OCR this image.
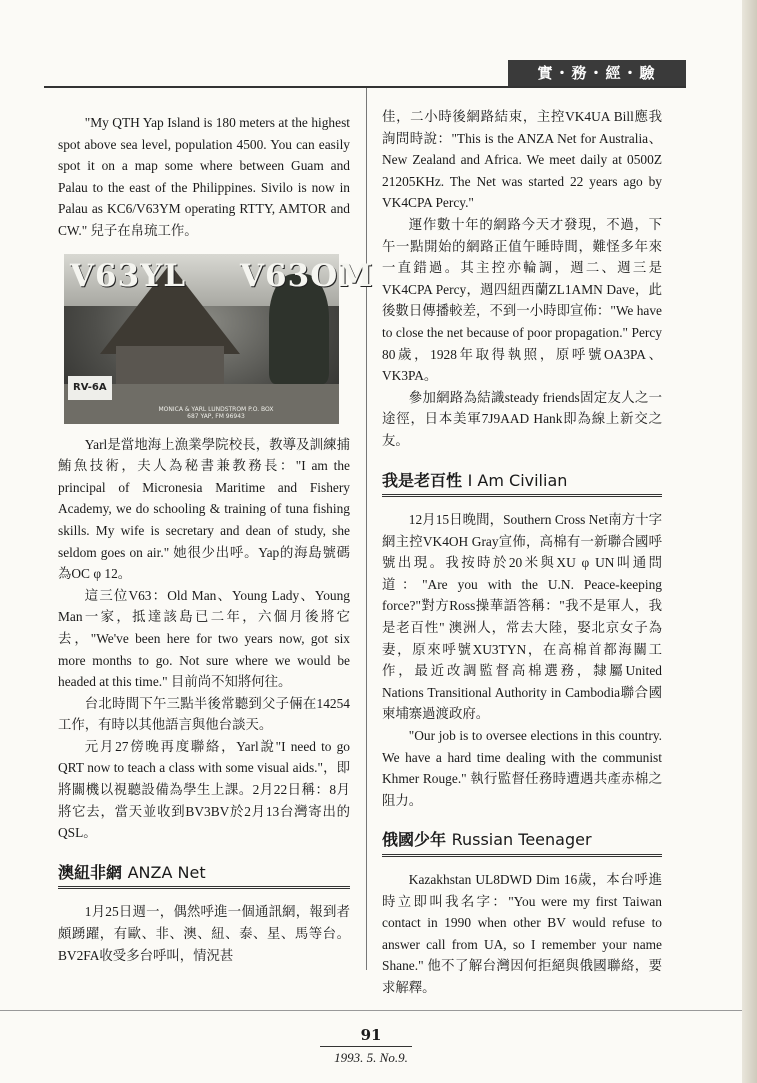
實・務・經・驗

"My QTH Yap Island is 180 meters at the highest spot above sea level, population 4500. You can easily spot it on a map some where between Guam and Palau to the east of the Philippines. Sivilo is now in Palau as KC6/V63YM operating RTTY, AMTOR and CW." 兒子在帛琉工作。

V63YL V63OM
RV-6A
MONICA & YARL LUNDSTROM P.O. BOX 687 YAP, FM 96943

Yarl是當地海上漁業學院校長，教導及訓練捕鮪魚技術，夫人為秘書兼教務長："I am the principal of Micronesia Maritime and Fishery Academy, we do schooling & training of tuna fishing skills. My wife is secretary and dean of study, she seldom goes on air." 她很少出呼。Yap的海島號碼為OC φ 12。

這三位V63：Old Man、Young Lady、Young Man一家，抵達該島已二年，六個月後將它去，"We've been here for two years now, got six more months to go. Not sure where we would be headed at this time." 目前尚不知將何往。

台北時間下午三點半後常聽到父子倆在14254工作，有時以其他語言與他台談天。

元月27傍晚再度聯絡，Yarl說"I need to go QRT now to teach a class with some visual aids."，即將關機以視聽設備為學生上課。2月22日稱：8月將它去，當天並收到BV3BV於2月13台灣寄出的QSL。

澳紐非網 ANZA Net

1月25日週一，偶然呼進一個通訊網，報到者頗踴躍，有歐、非、澳、紐、泰、星、馬等台。BV2FA收受多台呼叫，情況甚

佳，二小時後網路結束，主控VK4UA Bill應我詢問時說："This is the ANZA Net for Australia、New Zealand and Africa. We meet daily at 0500Z 21205KHz. The Net was started 22 years ago by VK4CPA Percy."

運作數十年的網路今天才發現，不過，下午一點開始的網路正值午睡時間，難怪多年來一直錯過。其主控亦輪調，週二、週三是VK4CPA Percy，週四紐西蘭ZL1AMN Dave，此後數日傳播較差，不到一小時即宣佈："We have to close the net because of poor propagation." Percy 80歲，1928年取得執照，原呼號OA3PA、VK3PA。

參加網路為結識steady friends固定友人之一途徑，日本美軍7J9AAD Hank即為線上新交之友。

我是老百性 I Am Civilian

12月15日晚間，Southern Cross Net南方十字網主控VK4OH Gray宣佈，高棉有一新聯合國呼號出現。我按時於20米與XU φ UN叫通問道："Are you with the U.N. Peace-keeping force?"對方Ross操華語答稱："我不是軍人，我是老百性" 澳洲人，常去大陸，娶北京女子為妻，原來呼號XU3TYN，在高棉首都海關工作，最近改調監督高棉選務，隸屬United Nations Transitional Authority in Cambodia聯合國柬埔寨過渡政府。

"Our job is to oversee elections in this country. We have a hard time dealing with the communist Khmer Rouge." 執行監督任務時遭遇共產赤棉之阻力。

俄國少年 Russian Teenager

Kazakhstan UL8DWD Dim 16歲，本台呼進時立即叫我名字："You were my first Taiwan contact in 1990 when other BV would refuse to answer call from UA, so I remember your name Shane." 他不了解台灣因何拒絕與俄國聯絡，要求解釋。

91
1993. 5. No.9.
